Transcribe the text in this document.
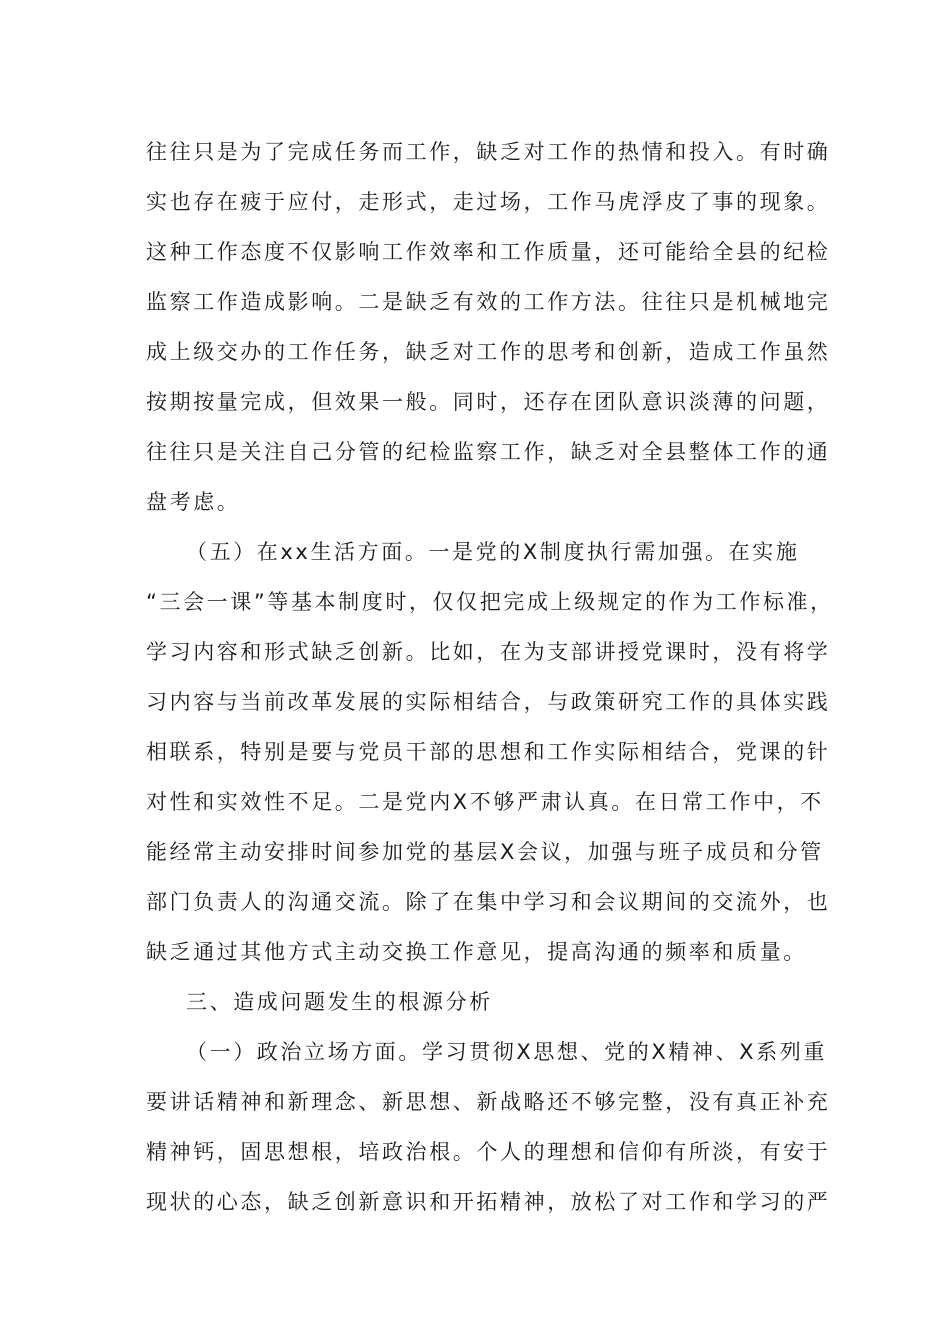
往往只是为了完成任务而工作，缺乏对工作的热情和投入。有时确
实也存在疲于应付，走形式，走过场，工作马虎浮皮了事的现象。
这种工作态度不仅影响工作效率和工作质量，还可能给全县的纪检
监察工作造成影响。二是缺乏有效的工作方法。往往只是机械地完
成上级交办的工作任务，缺乏对工作的思考和创新，造成工作虽然
按期按量完成，但效果一般。同时，还存在团队意识淡薄的问题，
往往只是关注自己分管的纪检监察工作，缺乏对全县整体工作的通
盘考虑。
（五）在xx生活方面。一是党的X制度执行需加强。在实施
“三会一课”等基本制度时，仅仅把完成上级规定的作为工作标准，
学习内容和形式缺乏创新。比如，在为支部讲授党课时，没有将学
习内容与当前改革发展的实际相结合，与政策研究工作的具体实践
相联系，特别是要与党员干部的思想和工作实际相结合，党课的针
对性和实效性不足。二是党内X不够严肃认真。在日常工作中，不
能经常主动安排时间参加党的基层X会议，加强与班子成员和分管
部门负责人的沟通交流。除了在集中学习和会议期间的交流外，也
缺乏通过其他方式主动交换工作意见，提高沟通的频率和质量。
三、造成问题发生的根源分析
（一）政治立场方面。学习贯彻X思想、党的X精神、X系列重
要讲话精神和新理念、新思想、新战略还不够完整，没有真正补充
精神钙，固思想根，培政治根。个人的理想和信仰有所淡，有安于
现状的心态，缺乏创新意识和开拓精神，放松了对工作和学习的严
